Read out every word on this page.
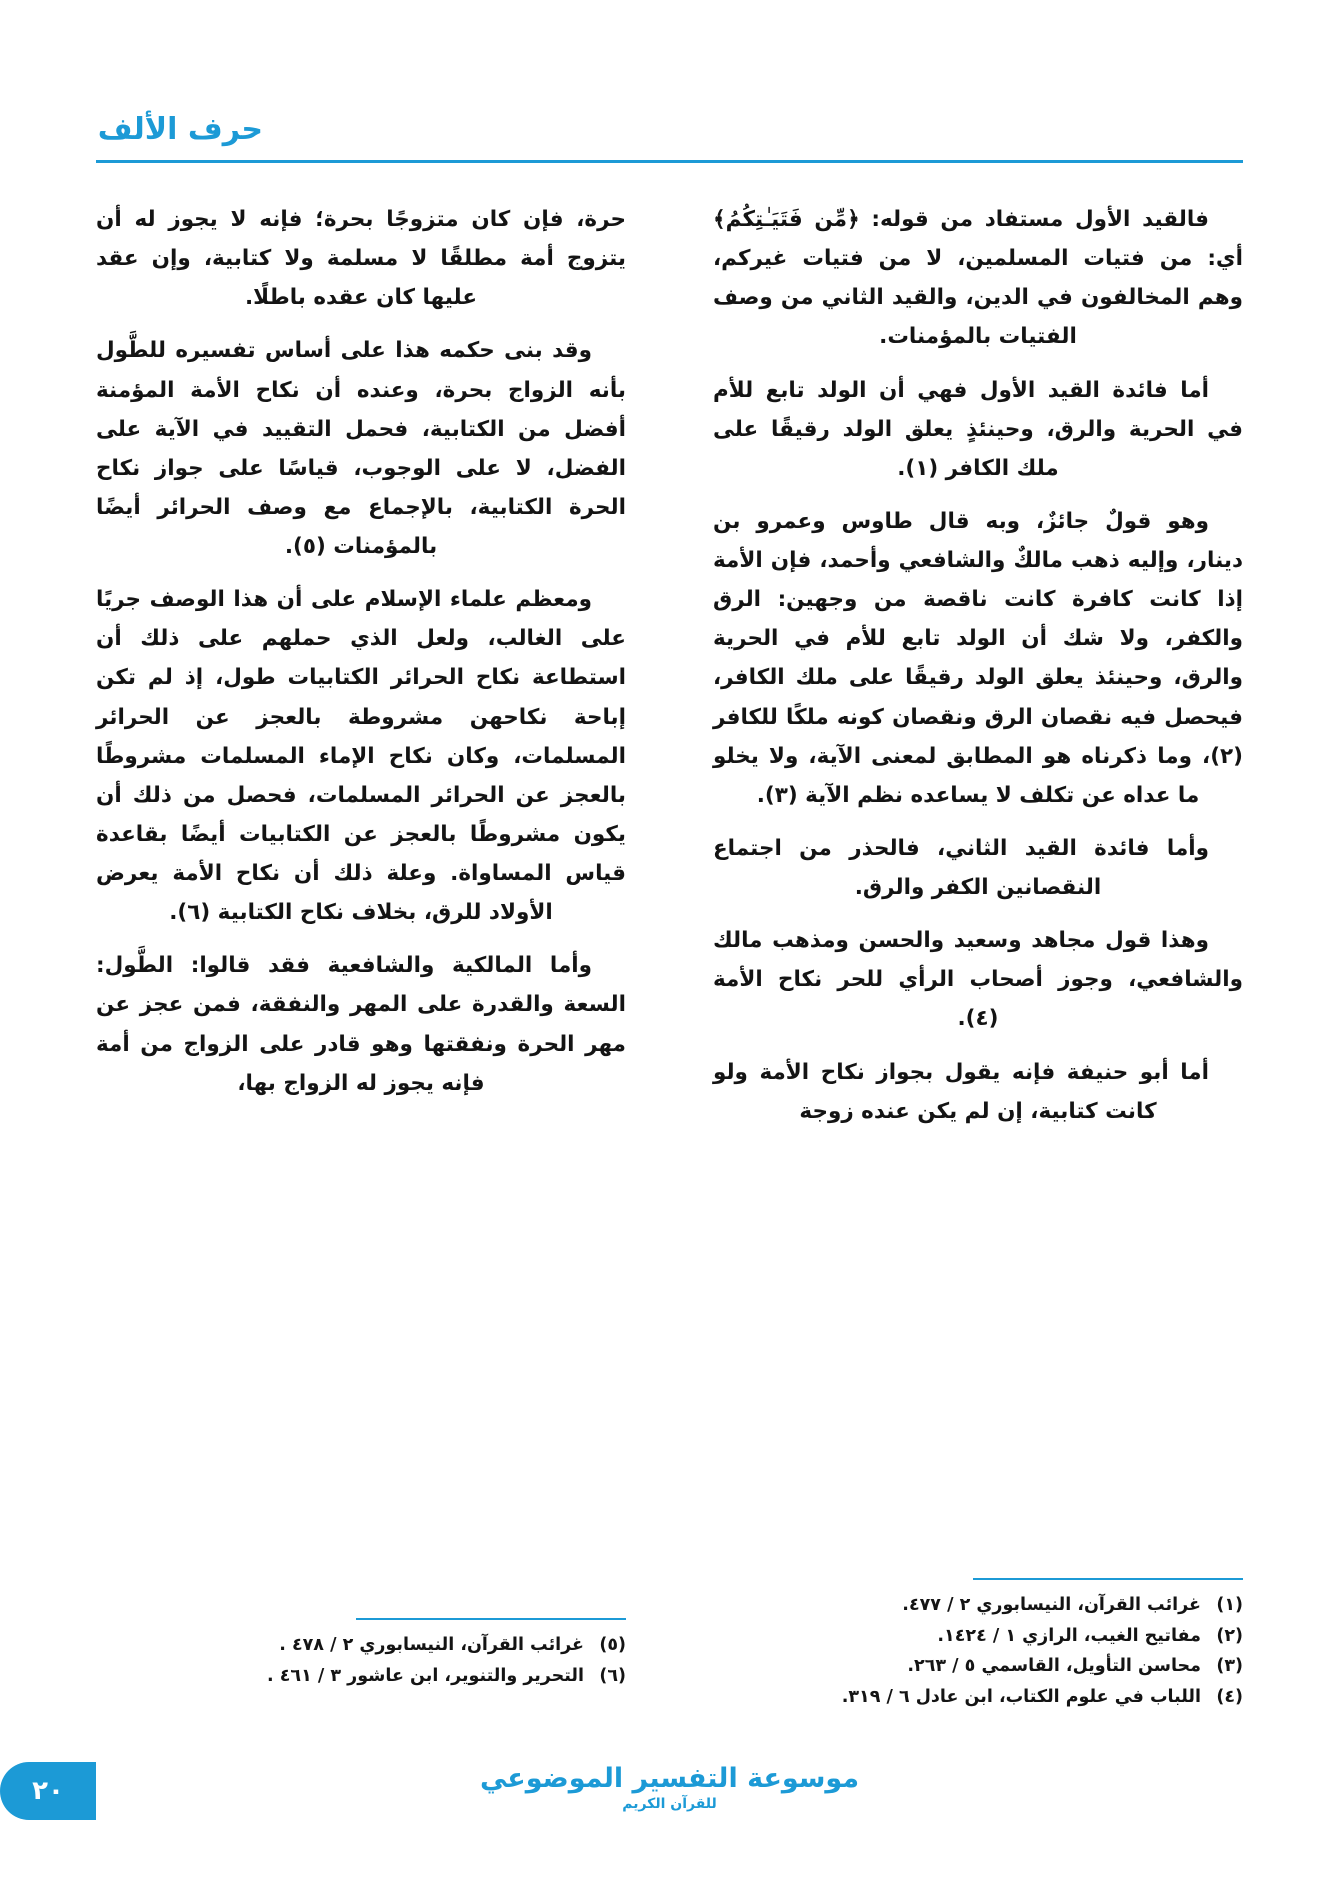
حرف الألف

فالقيد الأول مستفاد من قوله: ﴿مِّن فَتَيَـٰتِكُمُ﴾ أي: من فتيات المسلمين، لا من فتيات غيركم، وهم المخالفون في الدين، والقيد الثاني من وصف الفتيات بالمؤمنات.

أما فائدة القيد الأول فهي أن الولد تابع للأم في الحرية والرق، وحينئذٍ يعلق الولد رقيقًا على ملك الكافر (١).

وهو قولٌ جائزٌ، وبه قال طاوس وعمرو بن دينار، وإليه ذهب مالكٌ والشافعي وأحمد، فإن الأمة إذا كانت كافرة كانت ناقصة من وجهين: الرق والكفر، ولا شك أن الولد تابع للأم في الحرية والرق، وحينئذ يعلق الولد رقيقًا على ملك الكافر، فيحصل فيه نقصان الرق ونقصان كونه ملكًا للكافر (٢)، وما ذكرناه هو المطابق لمعنى الآية، ولا يخلو ما عداه عن تكلف لا يساعده نظم الآية (٣).

وأما فائدة القيد الثاني، فالحذر من اجتماع النقصانين الكفر والرق.

وهذا قول مجاهد وسعيد والحسن ومذهب مالك والشافعي، وجوز أصحاب الرأي للحر نكاح الأمة (٤).

أما أبو حنيفة فإنه يقول بجواز نكاح الأمة ولو كانت كتابية، إن لم يكن عنده زوجة

حرة، فإن كان متزوجًا بحرة؛ فإنه لا يجوز له أن يتزوج أمة مطلقًا لا مسلمة ولا كتابية، وإن عقد عليها كان عقده باطلًا.

وقد بنى حكمه هذا على أساس تفسيره للطَّول بأنه الزواج بحرة، وعنده أن نكاح الأمة المؤمنة أفضل من الكتابية، فحمل التقييد في الآية على الفضل، لا على الوجوب، قياسًا على جواز نكاح الحرة الكتابية، بالإجماع مع وصف الحرائر أيضًا بالمؤمنات (٥).

ومعظم علماء الإسلام على أن هذا الوصف جريًا على الغالب، ولعل الذي حملهم على ذلك أن استطاعة نكاح الحرائر الكتابيات طول، إذ لم تكن إباحة نكاحهن مشروطة بالعجز عن الحرائر المسلمات، وكان نكاح الإماء المسلمات مشروطًا بالعجز عن الحرائر المسلمات، فحصل من ذلك أن يكون مشروطًا بالعجز عن الكتابيات أيضًا بقاعدة قياس المساواة. وعلة ذلك أن نكاح الأمة يعرض الأولاد للرق، بخلاف نكاح الكتابية (٦).

وأما المالكية والشافعية فقد قالوا: الطَّول: السعة والقدرة على المهر والنفقة، فمن عجز عن مهر الحرة ونفقتها وهو قادر على الزواج من أمة فإنه يجوز له الزواج بها،

(١)
غرائب القرآن، النيسابوري ٢ / ٤٧٧.
(٢)
مفاتيح الغيب، الرازي ١ / ١٤٢٤.
(٣)
محاسن التأويل، القاسمي ٥ / ٢٦٣.
(٤)
اللباب في علوم الكتاب، ابن عادل ٦ / ٣١٩.
(٥)
غرائب القرآن، النيسابوري ٢ / ٤٧٨ .
(٦)
التحرير والتنوير، ابن عاشور ٣ / ٤٦١ .
موسوعة التفسير الموضوعي
للقرآن الكريم
٢٠
